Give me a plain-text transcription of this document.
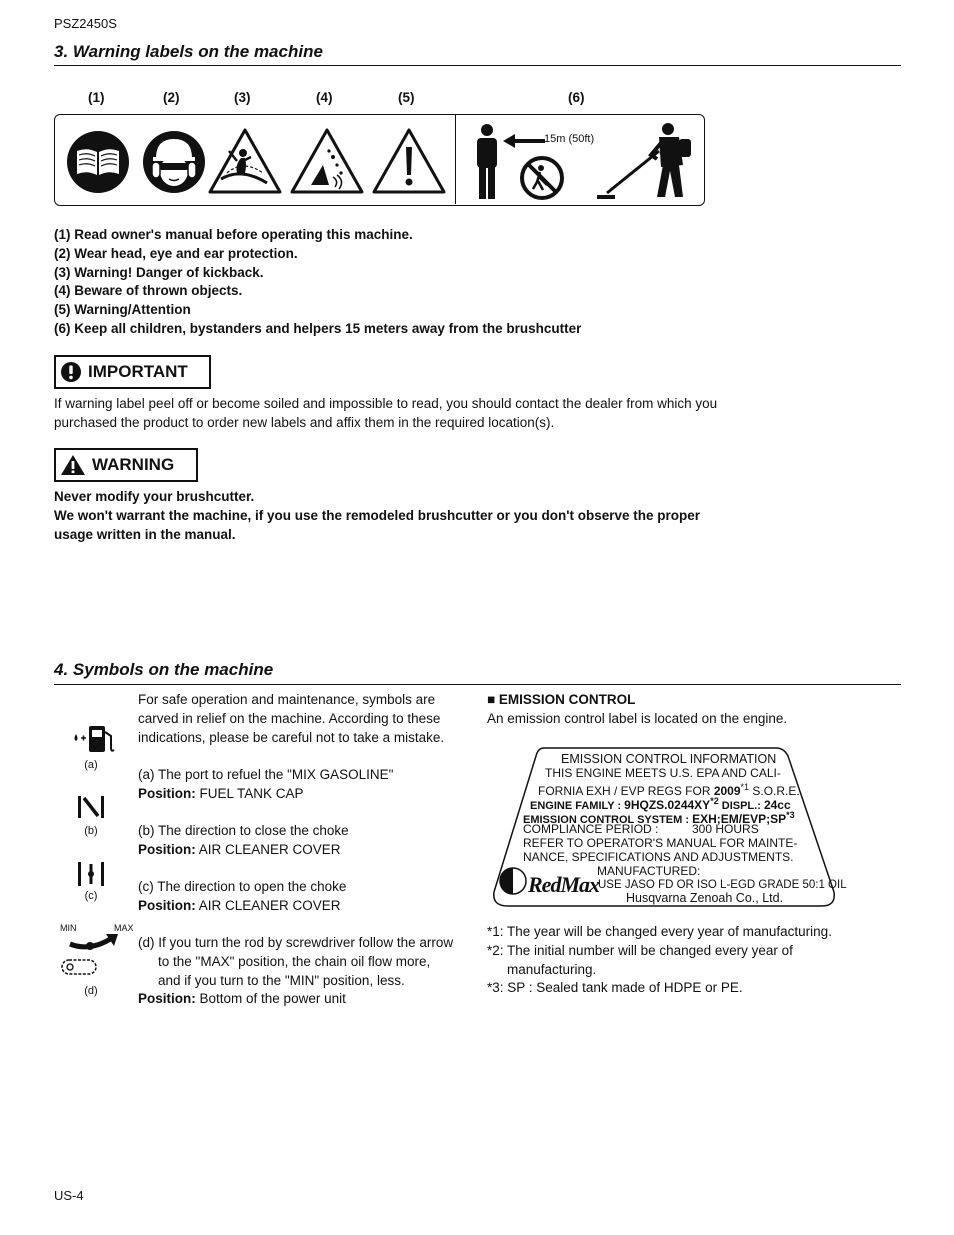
PSZ2450S
3. Warning labels on the machine
(1)	(2)	(3)	(4)	(5)	(6)
15m (50ft)
(1) Read owner's manual before operating this machine.
(2) Wear head, eye and ear protection.
(3) Warning! Danger of kickback.
(4) Beware of thrown objects.
(5) Warning/Attention
(6) Keep all children, bystanders and helpers 15 meters away from the brushcutter
IMPORTANT
If warning label peel off or become soiled and impossible to read, you should contact the dealer from which you
purchased the product to order new labels and affix them in the required location(s).
WARNING
Never modify your brushcutter.
We won't warrant the machine, if you use the remodeled brushcutter or you don't observe the proper
usage written in the manual.
4. Symbols on the machine
(a)
(b)
(c)
MIN	MAX
(d)
For safe operation and maintenance, symbols are
carved in relief on the machine. According to these
indications, please be careful not to take a mistake.
(a) The port to refuel the "MIX GASOLINE"
Position: FUEL TANK CAP
(b) The direction to close the choke
Position: AIR CLEANER COVER
(c) The direction to open the choke
Position: AIR CLEANER COVER
(d) If you turn the rod by screwdriver follow the arrow
to the "MAX" position, the chain oil flow more,
and if you turn to the "MIN" position, less.
Position: Bottom of the power unit
■ EMISSION CONTROL
An emission control label is located on the engine.
EMISSION CONTROL INFORMATION
THIS ENGINE MEETS U.S. EPA AND CALI-
FORNIA EXH / EVP REGS FOR 2009$^{*1}$ S.O.R.E.
ENGINE FAMILY : 9HQZS.0244XY$^{*2}$ DISPL.: 24cc
EMISSION CONTROL SYSTEM : EXH;EM/EVP;SP$^{*3}$
COMPLIANCE PERIOD :	300 HOURS
REFER TO OPERATOR'S MANUAL FOR MAINTE-
NANCE, SPECIFICATIONS AND ADJUSTMENTS.
RedMax
MANUFACTURED:
USE JASO FD OR ISO L-EGD GRADE 50:1 OIL
Husqvarna Zenoah Co., Ltd.
*1: The year will be changed every year of manufacturing.
*2: The initial number will be changed every year of
manufacturing.
*3: SP : Sealed tank made of HDPE or PE.
US-4
